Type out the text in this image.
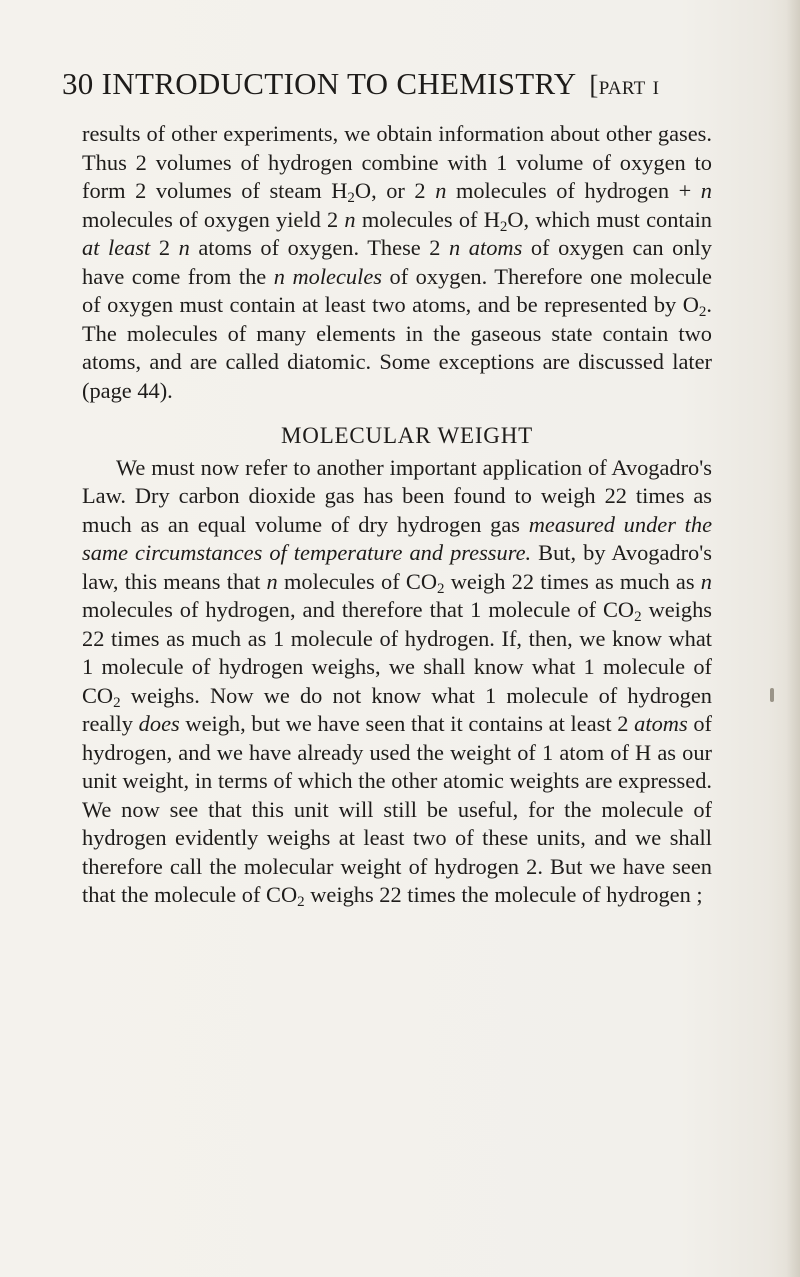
30 INTRODUCTION TO CHEMISTRY [part i

results of other experiments, we obtain information about other gases. Thus 2 volumes of hydrogen combine with 1 volume of oxygen to form 2 volumes of steam $H_2O$, or 2 n molecules of hydrogen + n molecules of oxygen yield 2 n molecules of $H_2O$, which must contain at least 2 n atoms of oxygen. These 2 n atoms of oxygen can only have come from the n molecules of oxygen. Therefore one molecule of oxygen must contain at least two atoms, and be represented by $O_2$. The molecules of many elements in the gaseous state contain two atoms, and are called diatomic. Some exceptions are discussed later (page 44).

MOLECULAR WEIGHT

We must now refer to another important application of Avogadro's Law. Dry carbon dioxide gas has been found to weigh 22 times as much as an equal volume of dry hydrogen gas measured under the same circumstances of temperature and pressure. But, by Avogadro's law, this means that n molecules of $CO_2$ weigh 22 times as much as n molecules of hydrogen, and therefore that 1 molecule of $CO_2$ weighs 22 times as much as 1 molecule of hydrogen. If, then, we know what 1 molecule of hydrogen weighs, we shall know what 1 molecule of $CO_2$ weighs. Now we do not know what 1 molecule of hydrogen really does weigh, but we have seen that it contains at least 2 atoms of hydrogen, and we have already used the weight of 1 atom of H as our unit weight, in terms of which the other atomic weights are expressed. We now see that this unit will still be useful, for the molecule of hydrogen evidently weighs at least two of these units, and we shall therefore call the molecular weight of hydrogen 2. But we have seen that the molecule of $CO_2$ weighs 22 times the molecule of hydrogen ;
